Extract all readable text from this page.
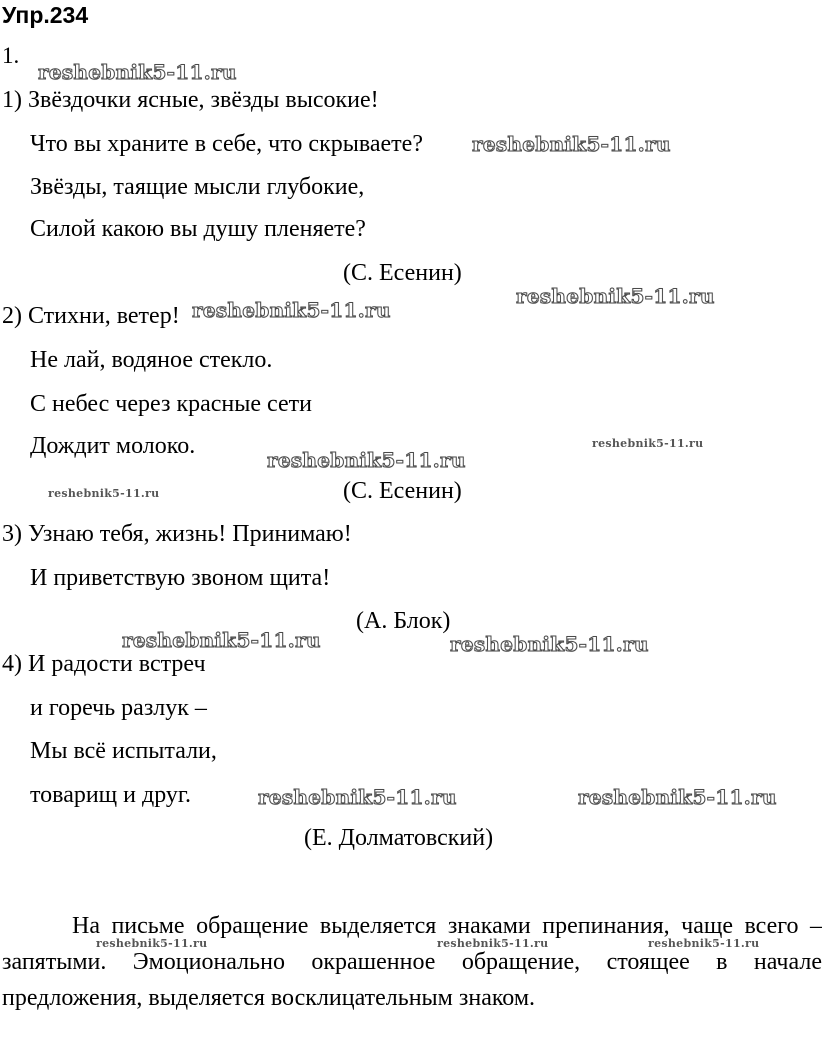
Упр.234
1.
1) Звёздочки ясные, звёзды высокие!
Что вы храните в себе, что скрываете?
Звёзды, таящие мысли глубокие,
Силой какою вы душу пленяете?
(С. Есенин)
2) Стихни, ветер!
Не лай, водяное стекло.
С небес через красные сети
Дождит молоко.
(С. Есенин)
3) Узнаю тебя, жизнь! Принимаю!
И приветствую звоном щита!
(А. Блок)
4) И радости встреч
и горечь разлук –
Мы всё испытали,
товарищ и друг.
(Е. Долматовский)
На письме обращение выделяется знаками препинания, чаще всего – запятыми. Эмоционально окрашенное обращение, стоящее в начале предложения, выделяется восклицательным знаком.
reshebnik5-11.ru
reshebnik5-11.ru
reshebnik5-11.ru
reshebnik5-11.ru
reshebnik5-11.ru
reshebnik5-11.ru
reshebnik5-11.ru
reshebnik5-11.ru	reshebnik5-11.ru
reshebnik5-11.ru	reshebnik5-11.ru
reshebnik5-11.ru	reshebnik5-11.ru	reshebnik5-11.ru
